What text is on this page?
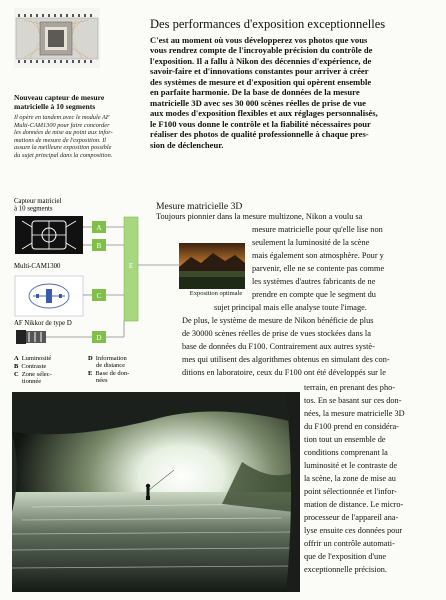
Nouveau capteur de mesure
matricielle à 10 segments
Il opère en tandem avec le module AF
Multi-CAM1300 pour faire concorder
les données de mise au point aux infor-
mations de mesure de l'exposition. Il
assure la meilleure exposition possible
du sujet principal dans la composition.
Des performances d'exposition exceptionnelles
C'est au moment où vous développerez vos photos que vous
vous rendrez compte de l'incroyable précision du contrôle de
l'exposition. Il a fallu à Nikon des décennies d'expérience, de
savoir-faire et d'innovations constantes pour arriver à créer
des systèmes de mesure et d'exposition qui opèrent ensemble
en parfaite harmonie. De la base de données de la mesure
matricielle 3D avec ses 30 000 scènes réelles de prise de vue
aux modes d'exposition flexibles et aux réglages personnalisés,
le F100 vous donne le contrôle et la fiabilité nécessaires pour
réaliser des photos de qualité professionnelle à chaque pres-
sion de déclencheur.
Capteur matriciel à 10 segments
Multi-CAM1300
AF Nikkor de type D
A
B
C
D
E
A Luminosité
B Contraste
C Zone sélec-
tionnée
D Information
de distance
E Base de don-
nées
Exposition optimale
Mesure matricielle 3D
Toujours pionnier dans la mesure multizone, Nikon a voulu sa
mesure matricielle pour qu'elle lise non
seulement la luminosité de la scène
mais également son atmosphère. Pour y
parvenir, elle ne se contente pas comme
les systèmes d'autres fabricants de ne
prendre en compte que le segment du
sujet principal mais elle analyse toute l'image.
De plus, le système de mesure de Nikon bénéficie de plus
de 30000 scènes réelles de prise de vues stockées dans la
base de données du F100. Contrairement aux autres systè-
mes qui utilisent des algorithmes obtenus en simulant des con-
ditions en laboratoire, ceux du F100 ont été développés sur le
terrain, en prenant des pho-
tos. En se basant sur ces don-
nées, la mesure matricielle 3D
du F100 prend en considéra-
tion tout un ensemble de
conditions comprenant la
luminosité et le contraste de
la scène, la zone de mise au
point sélectionnée et l'infor-
mation de distance. Le micro-
processeur de l'appareil ana-
lyse ensuite ces données pour
offrir un contrôle automati-
que de l'exposition d'une
exceptionnelle précision.
